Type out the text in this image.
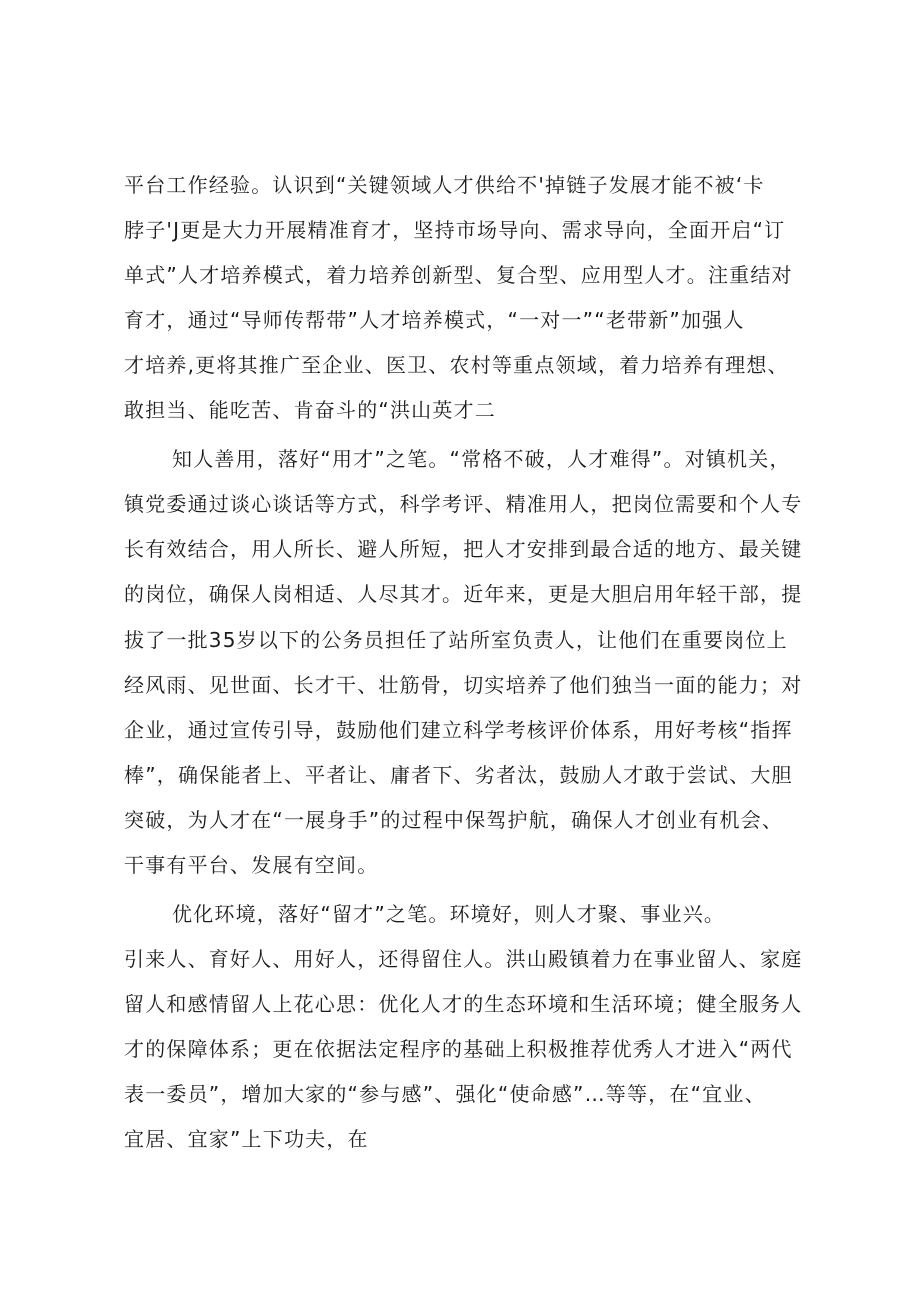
平台工作经验。认识到“关键领域人才供给不'掉链子发展才能不被‘卡
脖子'J更是大力开展精准育才，坚持市场导向、需求导向，全面开启“订
单式”人才培养模式，着力培养创新型、复合型、应用型人才。注重结对
育才，通过“导师传帮带”人才培养模式，“一对一”“老带新”加强人
才培养,更将其推广至企业、医卫、农村等重点领域，着力培养有理想、
敢担当、能吃苦、肯奋斗的“洪山英才二
知人善用，落好“用才”之笔。“常格不破，人才难得”。对镇机关，
镇党委通过谈心谈话等方式，科学考评、精准用人，把岗位需要和个人专
长有效结合，用人所长、避人所短，把人才安排到最合适的地方、最关键
的岗位，确保人岗相适、人尽其才。近年来，更是大胆启用年轻干部，提
拔了一批35岁以下的公务员担任了站所室负责人，让他们在重要岗位上
经风雨、见世面、长才干、壮筋骨，切实培养了他们独当一面的能力；对
企业，通过宣传引导，鼓励他们建立科学考核评价体系，用好考核“指挥
棒”，确保能者上、平者让、庸者下、劣者汰，鼓励人才敢于尝试、大胆
突破，为人才在“一展身手”的过程中保驾护航，确保人才创业有机会、
干事有平台、发展有空间。
优化环境，落好“留才”之笔。环境好，则人才聚、事业兴。
引来人、育好人、用好人，还得留住人。洪山殿镇着力在事业留人、家庭
留人和感情留人上花心思：优化人才的生态环境和生活环境；健全服务人
才的保障体系；更在依据法定程序的基础上积极推荐优秀人才进入“两代
表一委员”，增加大家的“参与感”、强化“使命感”…等等，在“宜业、
宜居、宜家”上下功夫，在
